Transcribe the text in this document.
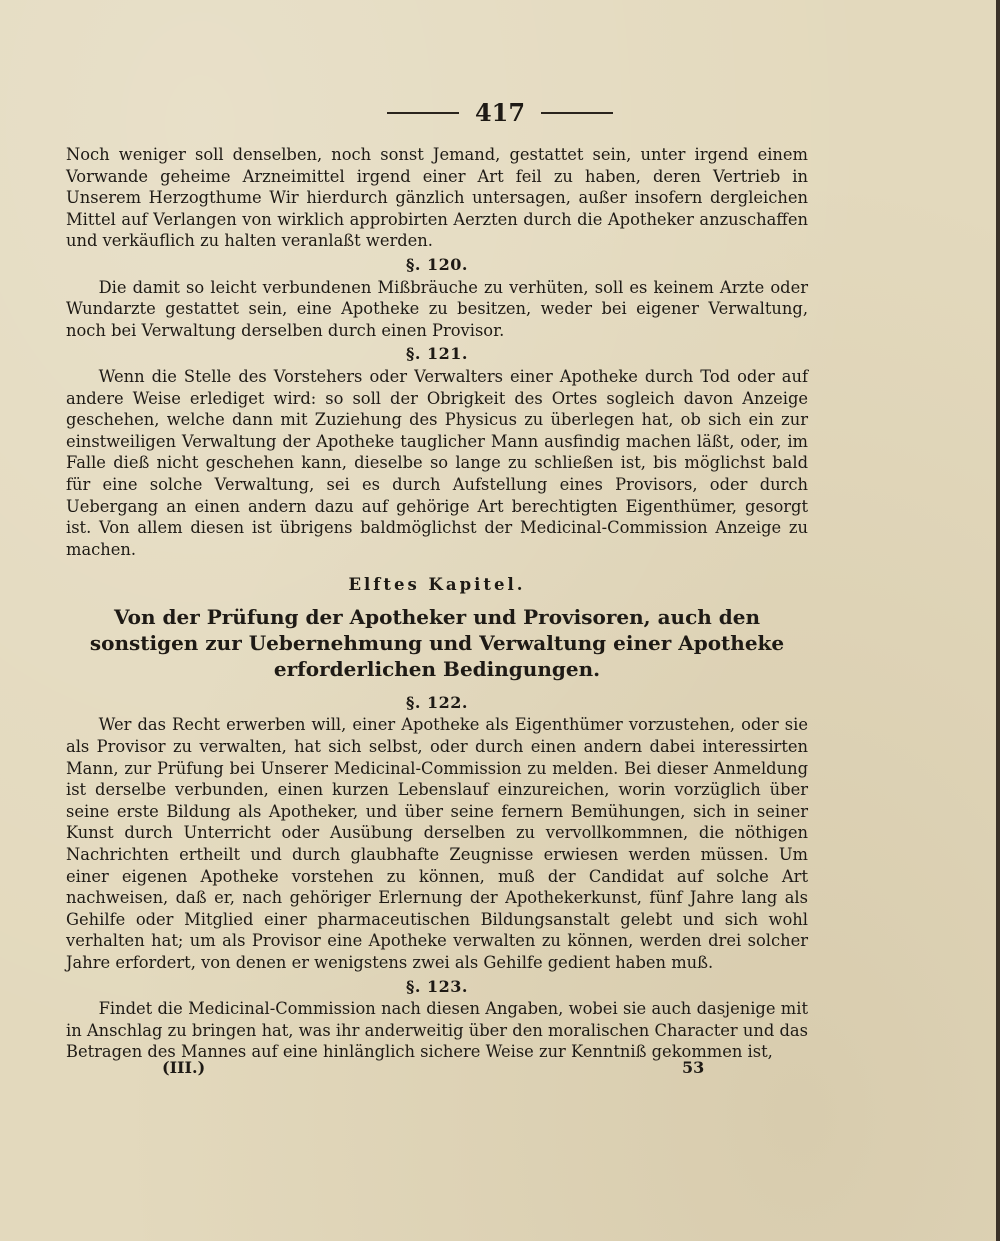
417

Noch weniger soll denselben, noch sonst Jemand, gestattet sein, unter irgend einem Vorwande geheime Arzneimittel irgend einer Art feil zu haben, deren Vertrieb in Unserem Herzogthume Wir hierdurch gänzlich untersagen, außer insofern dergleichen Mittel auf Verlangen von wirklich approbirten Aerzten durch die Apotheker anzuschaffen und verkäuflich zu halten veranlaßt werden.

§. 120.

Die damit so leicht verbundenen Mißbräuche zu verhüten, soll es keinem Arzte oder Wundarzte gestattet sein, eine Apotheke zu besitzen, weder bei eigener Verwaltung, noch bei Verwaltung derselben durch einen Provisor.

§. 121.

Wenn die Stelle des Vorstehers oder Verwalters einer Apotheke durch Tod oder auf andere Weise erlediget wird: so soll der Obrigkeit des Ortes sogleich davon Anzeige geschehen, welche dann mit Zuziehung des Physicus zu überlegen hat, ob sich ein zur einstweiligen Verwaltung der Apotheke tauglicher Mann ausfindig machen läßt, oder, im Falle dieß nicht geschehen kann, dieselbe so lange zu schließen ist, bis möglichst bald für eine solche Verwaltung, sei es durch Aufstellung eines Provisors, oder durch Uebergang an einen andern dazu auf gehörige Art berechtigten Eigenthümer, gesorgt ist. Von allem diesen ist übrigens baldmöglichst der Medicinal-Commission Anzeige zu machen.

Elftes Kapitel.
Von der Prüfung der Apotheker und Provisoren, auch den sonstigen zur Uebernehmung und Verwaltung einer Apotheke erforderlichen Bedingungen.
§. 122.

Wer das Recht erwerben will, einer Apotheke als Eigenthümer vorzustehen, oder sie als Provisor zu verwalten, hat sich selbst, oder durch einen andern dabei interessirten Mann, zur Prüfung bei Unserer Medicinal-Commission zu melden. Bei dieser Anmeldung ist derselbe verbunden, einen kurzen Lebenslauf einzureichen, worin vorzüglich über seine erste Bildung als Apotheker, und über seine fernern Bemühungen, sich in seiner Kunst durch Unterricht oder Ausübung derselben zu vervollkommnen, die nöthigen Nachrichten ertheilt und durch glaubhafte Zeugnisse erwiesen werden müssen. Um einer eigenen Apotheke vorstehen zu können, muß der Candidat auf solche Art nachweisen, daß er, nach gehöriger Erlernung der Apothekerkunst, fünf Jahre lang als Gehilfe oder Mitglied einer pharmaceutischen Bildungsanstalt gelebt und sich wohl verhalten hat; um als Provisor eine Apotheke verwalten zu können, werden drei solcher Jahre erfordert, von denen er wenigstens zwei als Gehilfe gedient haben muß.

§. 123.

Findet die Medicinal-Commission nach diesen Angaben, wobei sie auch dasjenige mit in Anschlag zu bringen hat, was ihr anderweitig über den moralischen Character und das Betragen des Mannes auf eine hinlänglich sichere Weise zur Kenntniß gekommen ist,

(III.)	53
